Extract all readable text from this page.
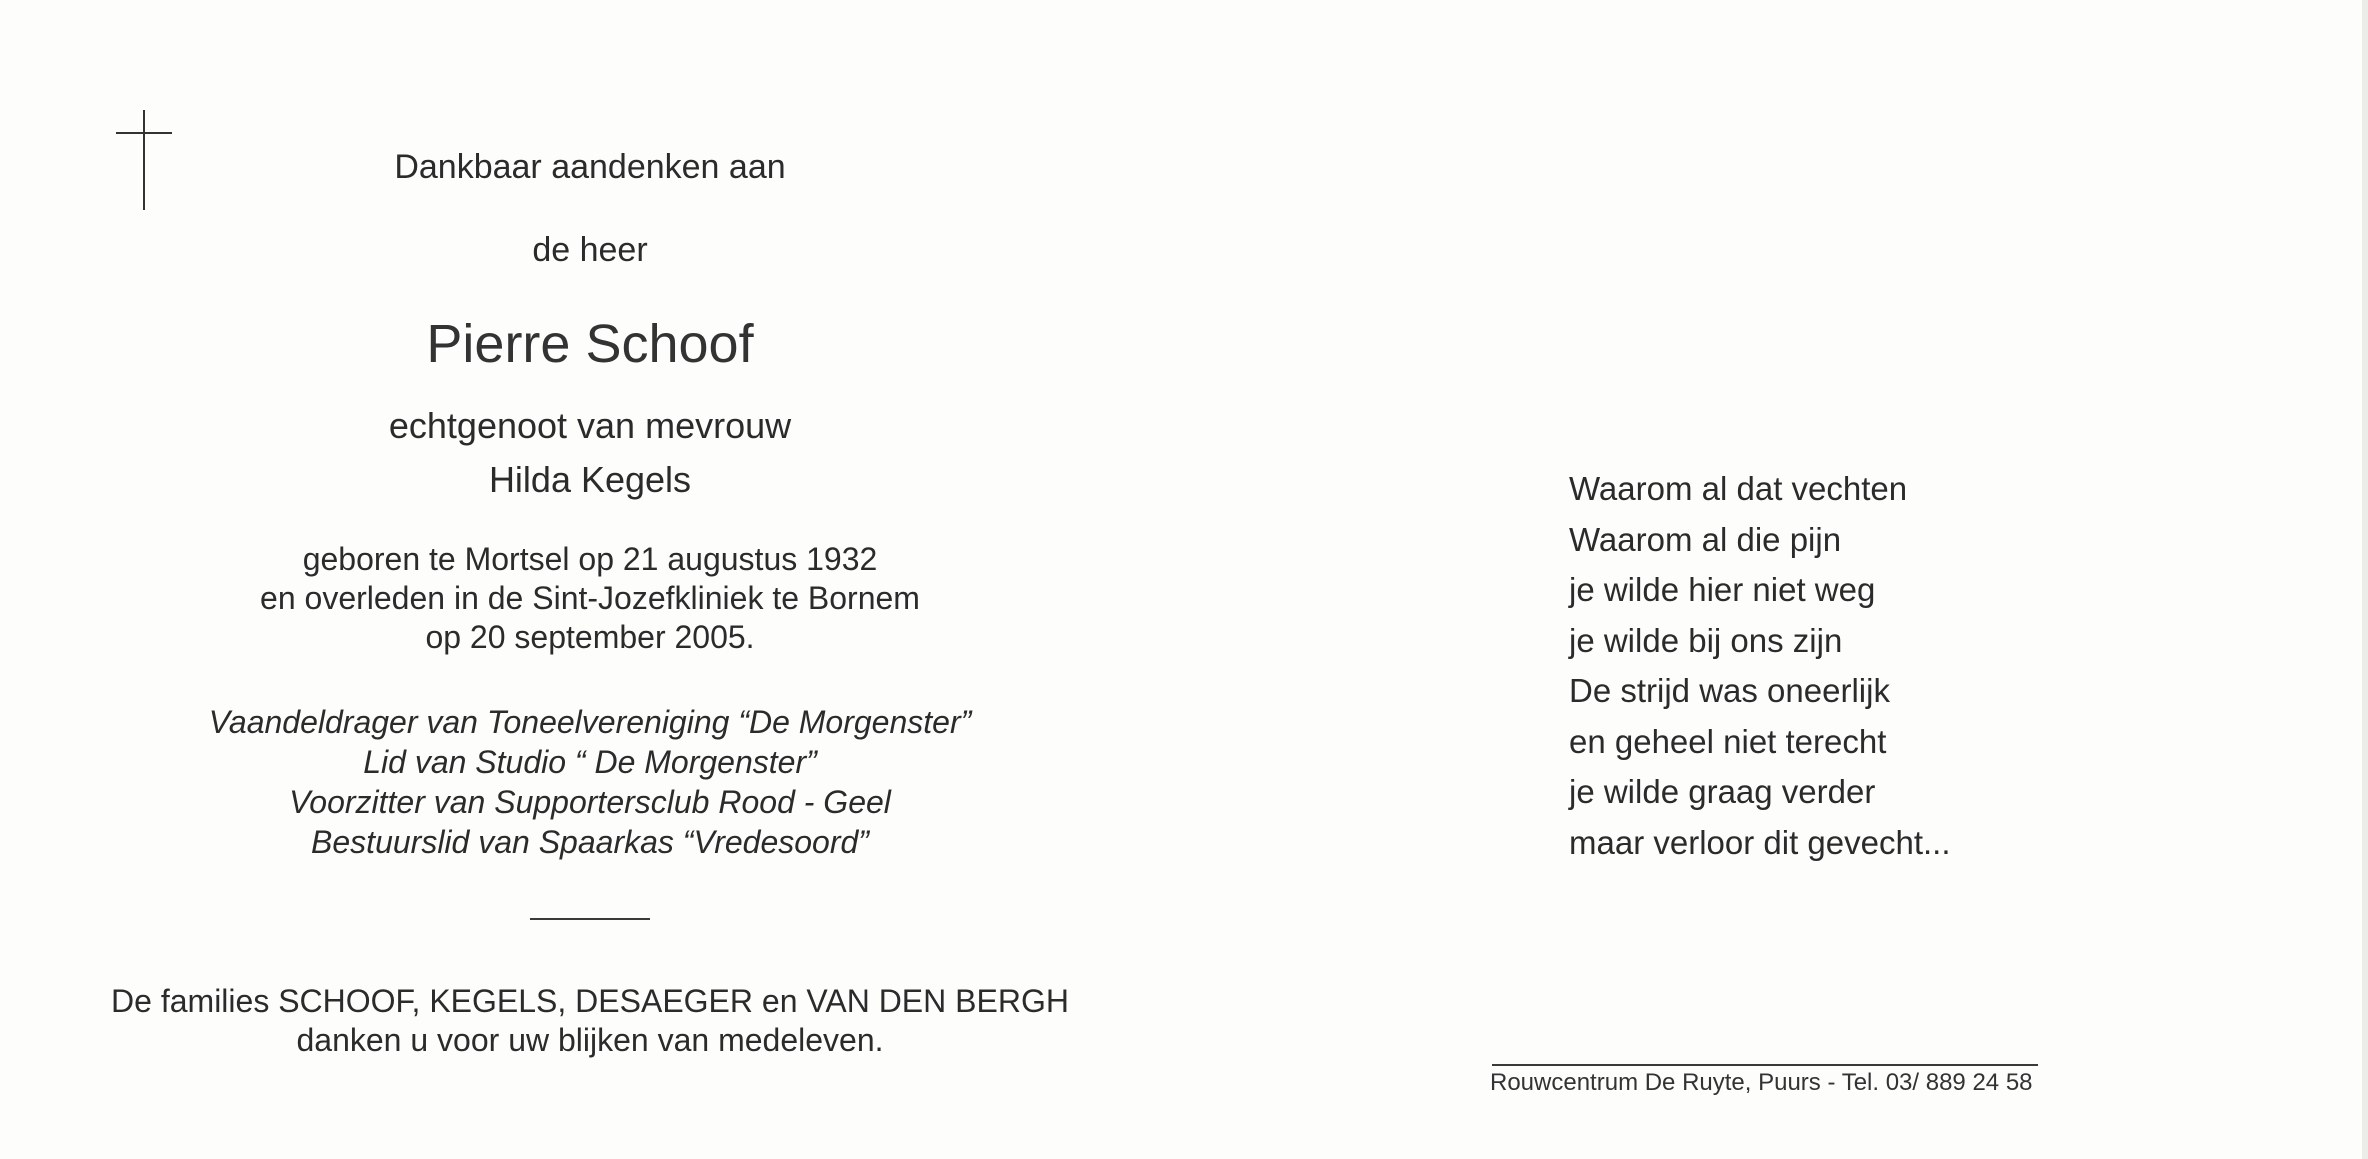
Dankbaar aandenken aan
de heer
Pierre Schoof
echtgenoot van mevrouw
Hilda Kegels
geboren te Mortsel op 21 augustus 1932
en overleden in de Sint-Jozefkliniek te Bornem
op 20 september 2005.
Vaandeldrager van Toneelvereniging “De Morgenster”
Lid van Studio “ De Morgenster”
Voorzitter van Supportersclub Rood - Geel
Bestuurslid van Spaarkas “Vredesoord”
De families SCHOOF, KEGELS, DESAEGER en VAN DEN BERGH
danken u voor uw blijken van medeleven.
Waarom al dat vechten
Waarom al die pijn
je wilde hier niet weg
je wilde bij ons zijn
De strijd was oneerlijk
en geheel niet terecht
je wilde graag verder
maar verloor dit gevecht...
Rouwcentrum De Ruyte, Puurs - Tel. 03/ 889 24 58
